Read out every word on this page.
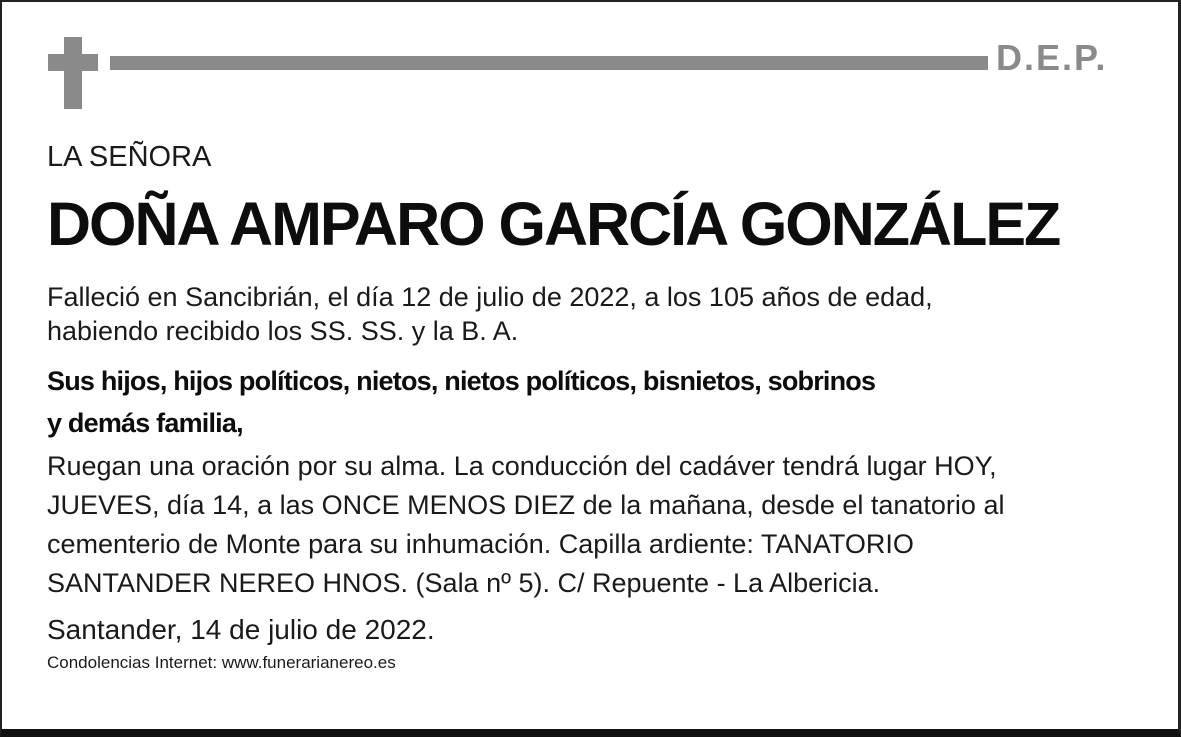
D.E.P.
LA SEÑORA
DOÑA AMPARO GARCÍA GONZÁLEZ
Falleció en Sancibrián, el día 12 de julio de 2022, a los 105 años de edad,
habiendo recibido los SS. SS. y la B. A.
Sus hijos, hijos políticos, nietos, nietos políticos, bisnietos, sobrinos
y demás familia,
Ruegan una oración por su alma. La conducción del cadáver tendrá lugar HOY,
JUEVES, día 14, a las ONCE MENOS DIEZ de la mañana, desde el tanatorio al
cementerio de Monte para su inhumación. Capilla ardiente: TANATORIO
SANTANDER NEREO HNOS. (Sala nº 5). C/ Repuente - La Albericia.
Santander, 14 de julio de 2022.
Condolencias Internet: www.funerarianereo.es
